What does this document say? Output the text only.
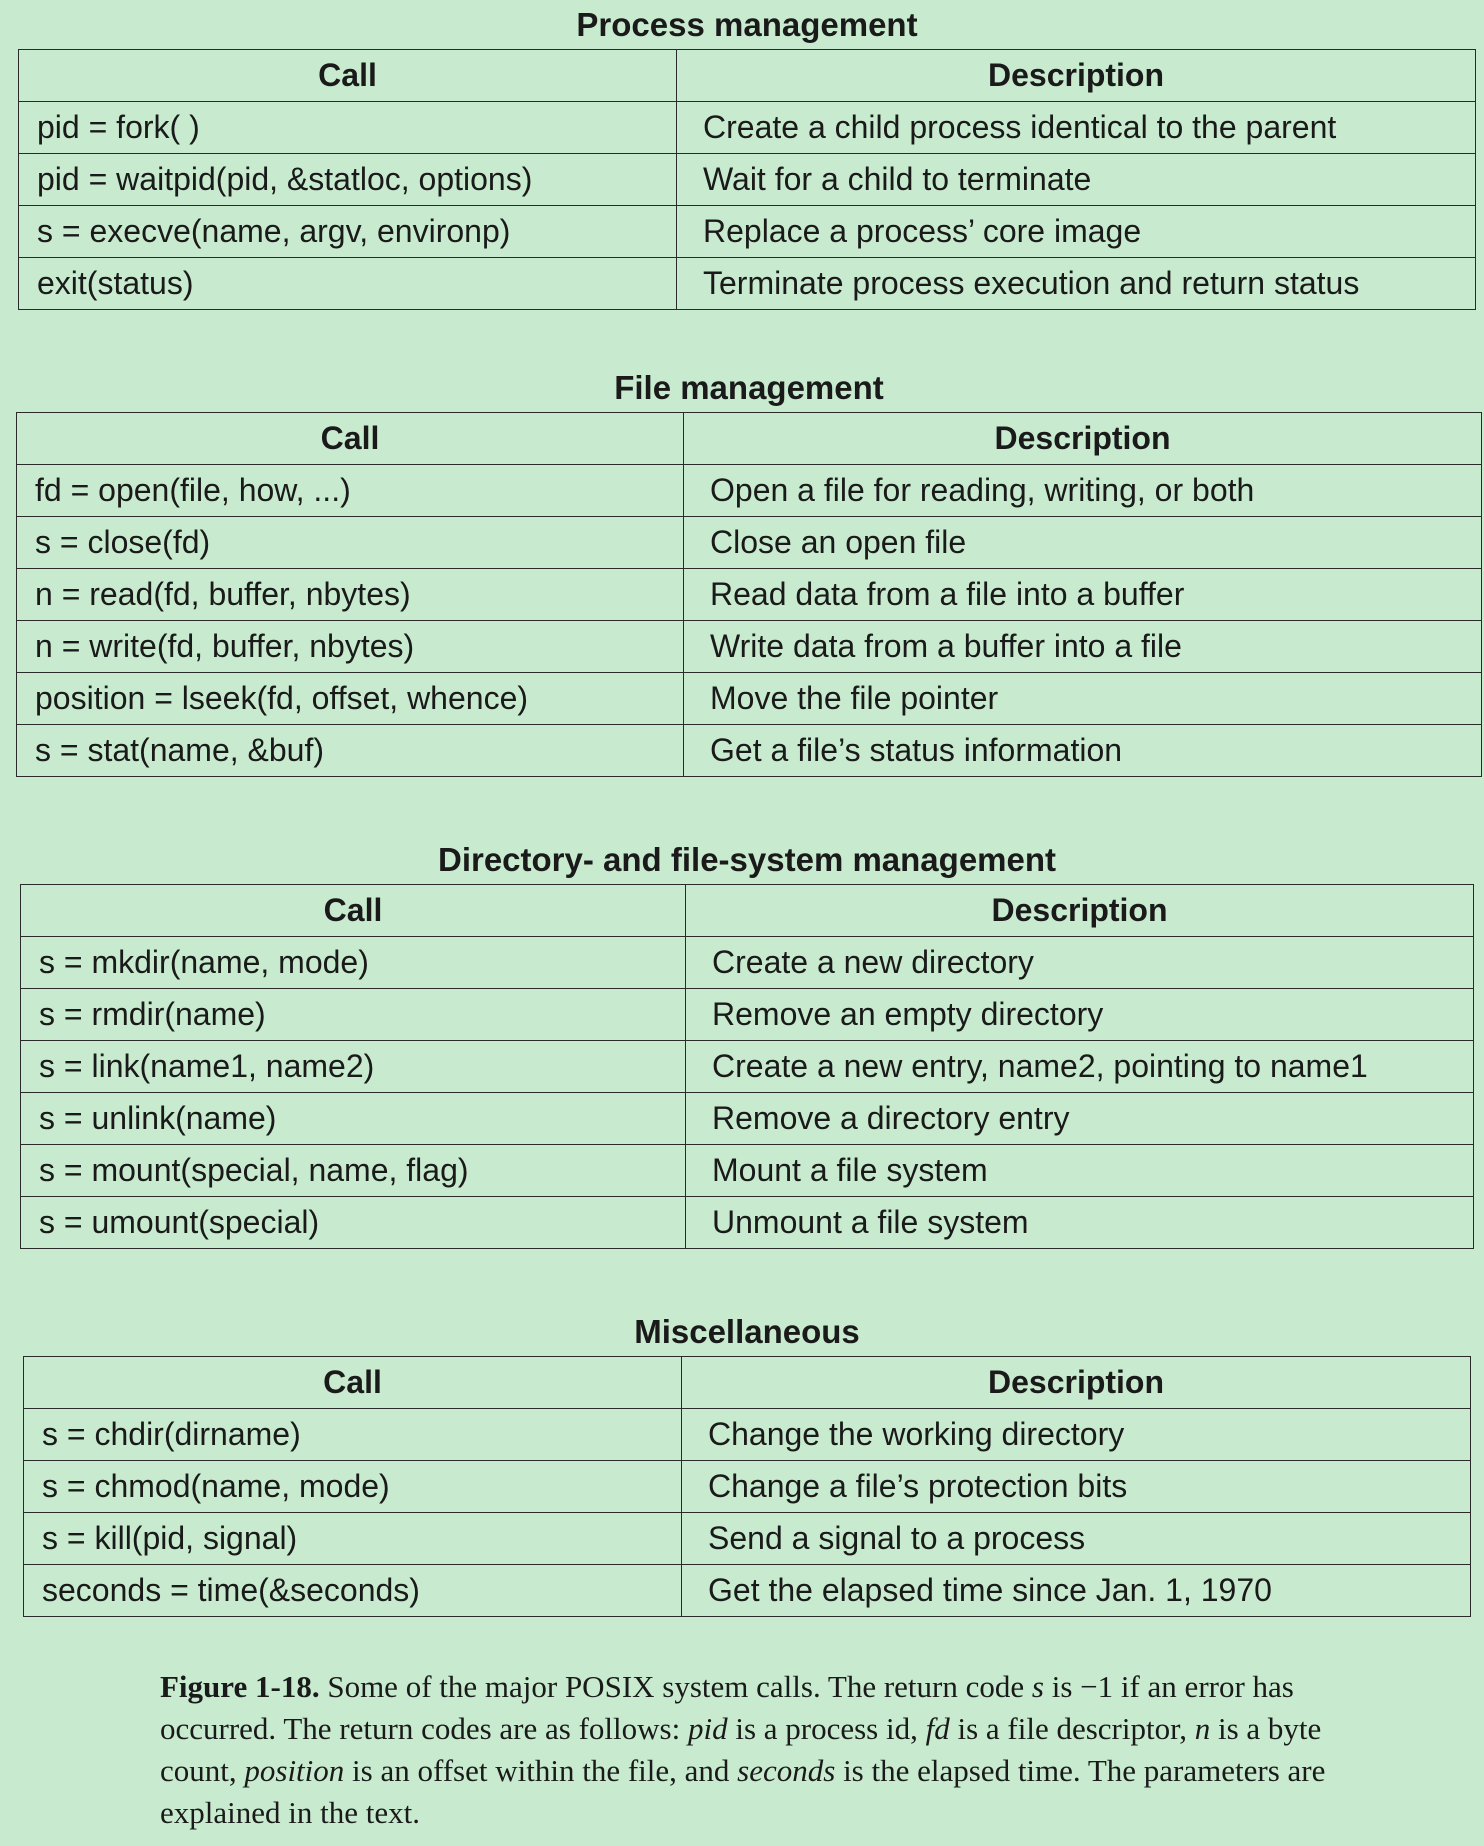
Process management
Call	Description
pid = fork( )	Create a child process identical to the parent
pid = waitpid(pid, &statloc, options)	Wait for a child to terminate
s = execve(name, argv, environp)	Replace a process’ core image
exit(status)	Terminate process execution and return status
File management
Call	Description
fd = open(file, how, ...)	Open a file for reading, writing, or both
s = close(fd)	Close an open file
n = read(fd, buffer, nbytes)	Read data from a file into a buffer
n = write(fd, buffer, nbytes)	Write data from a buffer into a file
position = lseek(fd, offset, whence)	Move the file pointer
s = stat(name, &buf)	Get a file’s status information
Directory- and file-system management
Call	Description
s = mkdir(name, mode)	Create a new directory
s = rmdir(name)	Remove an empty directory
s = link(name1, name2)	Create a new entry, name2, pointing to name1
s = unlink(name)	Remove a directory entry
s = mount(special, name, flag)	Mount a file system
s = umount(special)	Unmount a file system
Miscellaneous
Call	Description
s = chdir(dirname)	Change the working directory
s = chmod(name, mode)	Change a file’s protection bits
s = kill(pid, signal)	Send a signal to a process
seconds = time(&seconds)	Get the elapsed time since Jan. 1, 1970
Figure 1-18. Some of the major POSIX system calls. The return code s is −1 if an error has occurred. The return codes are as follows: pid is a process id, fd is a file descriptor, n is a byte count, position is an offset within the file, and seconds is the elapsed time. The parameters are explained in the text.
